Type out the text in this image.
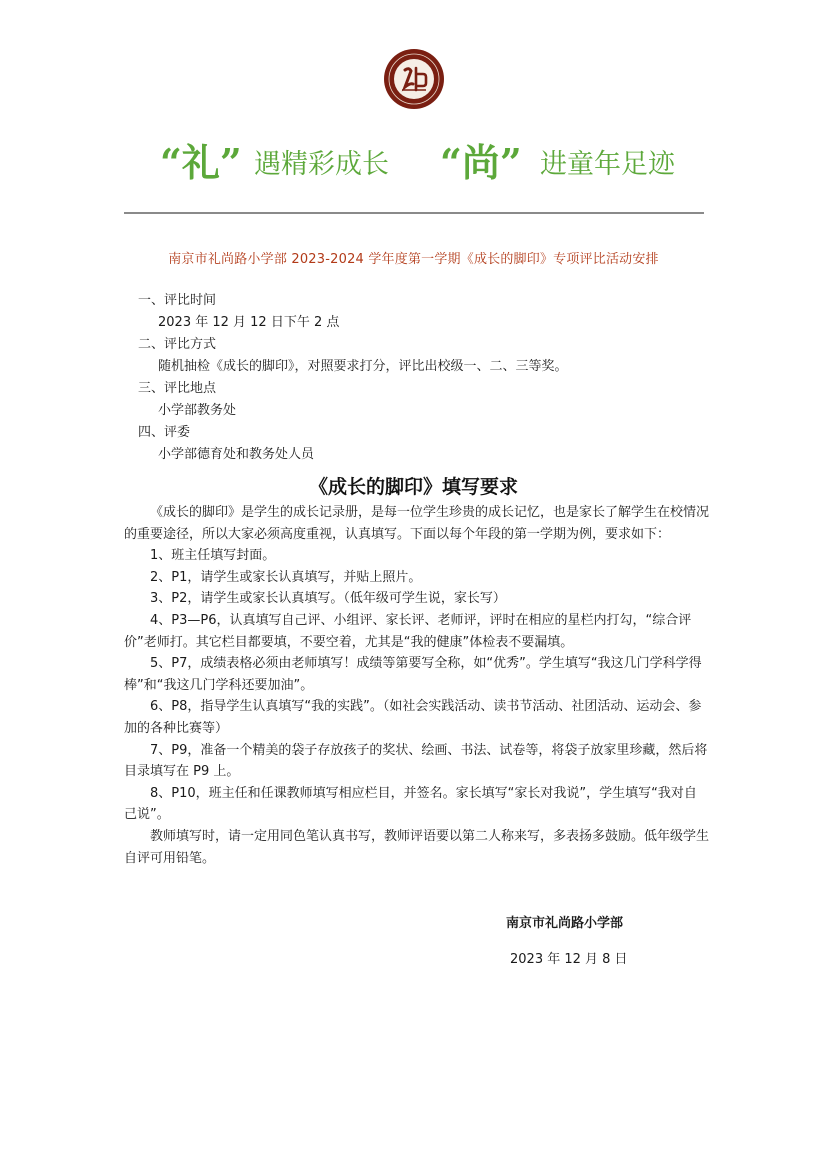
“礼” 遇精彩成长 “尚” 进童年足迹
南京市礼尚路小学部 2023-2024 学年度第一学期《成长的脚印》专项评比活动安排
一、评比时间
2023 年 12 月 12 日下午 2 点
二、评比方式
随机抽检《成长的脚印》，对照要求打分，评比出校级一、二、三等奖。
三、评比地点
小学部教务处
四、评委
小学部德育处和教务处人员
《成长的脚印》填写要求

《成长的脚印》是学生的成长记录册，是每一位学生珍贵的成长记忆，也是家长了解学生在校情况的重要途径，所以大家必须高度重视，认真填写。下面以每个年段的第一学期为例，要求如下：

1、班主任填写封面。

2、P1，请学生或家长认真填写，并贴上照片。

3、P2，请学生或家长认真填写。（低年级可学生说，家长写）

4、P3—P6，认真填写自己评、小组评、家长评、老师评，评时在相应的星栏内打勾，“综合评价”老师打。其它栏目都要填，不要空着，尤其是“我的健康”体检表不要漏填。

5、P7，成绩表格必须由老师填写！成绩等第要写全称，如“优秀”。学生填写“我这几门学科学得棒”和“我这几门学科还要加油”。

6、P8，指导学生认真填写“我的实践”。（如社会实践活动、读书节活动、社团活动、运动会、参加的各种比赛等）

7、P9，准备一个精美的袋子存放孩子的奖状、绘画、书法、试卷等，将袋子放家里珍藏，然后将目录填写在 P9 上。

8、P10，班主任和任课教师填写相应栏目，并签名。家长填写“家长对我说”，学生填写“我对自己说”。

教师填写时，请一定用同色笔认真书写，教师评语要以第二人称来写，多表扬多鼓励。低年级学生自评可用铅笔。

南京市礼尚路小学部
2023 年 12 月 8 日
